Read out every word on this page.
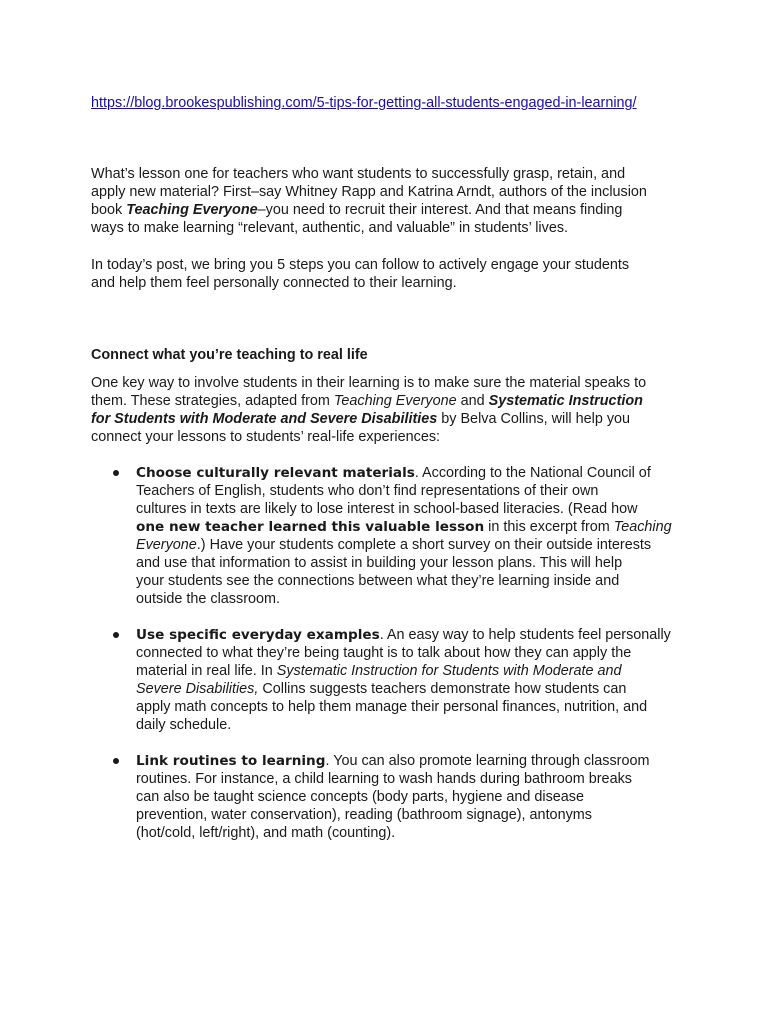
https://blog.brookespublishing.com/5-tips-for-getting-all-students-engaged-in-learning/

What’s lesson one for teachers who want students to successfully grasp, retain, and
apply new material? First–say Whitney Rapp and Katrina Arndt, authors of the inclusion
book Teaching Everyone–you need to recruit their interest. And that means finding
ways to make learning “relevant, authentic, and valuable” in students’ lives.

In today’s post, we bring you 5 steps you can follow to actively engage your students
and help them feel personally connected to their learning.

Connect what you’re teaching to real life

One key way to involve students in their learning is to make sure the material speaks to
them. These strategies, adapted from Teaching Everyone and Systematic Instruction
for Students with Moderate and Severe Disabilities by Belva Collins, will help you
connect your lessons to students’ real-life experiences:

Choose culturally relevant materials. According to the National Council of
Teachers of English, students who don’t find representations of their own
cultures in texts are likely to lose interest in school-based literacies. (Read how
one new teacher learned this valuable lesson in this excerpt from Teaching
Everyone.) Have your students complete a short survey on their outside interests
and use that information to assist in building your lesson plans. This will help
your students see the connections between what they’re learning inside and
outside the classroom.
Use specific everyday examples. An easy way to help students feel personally
connected to what they’re being taught is to talk about how they can apply the
material in real life. In Systematic Instruction for Students with Moderate and
Severe Disabilities, Collins suggests teachers demonstrate how students can
apply math concepts to help them manage their personal finances, nutrition, and
daily schedule.
Link routines to learning. You can also promote learning through classroom
routines. For instance, a child learning to wash hands during bathroom breaks
can also be taught science concepts (body parts, hygiene and disease
prevention, water conservation), reading (bathroom signage), antonyms
(hot/cold, left/right), and math (counting).
